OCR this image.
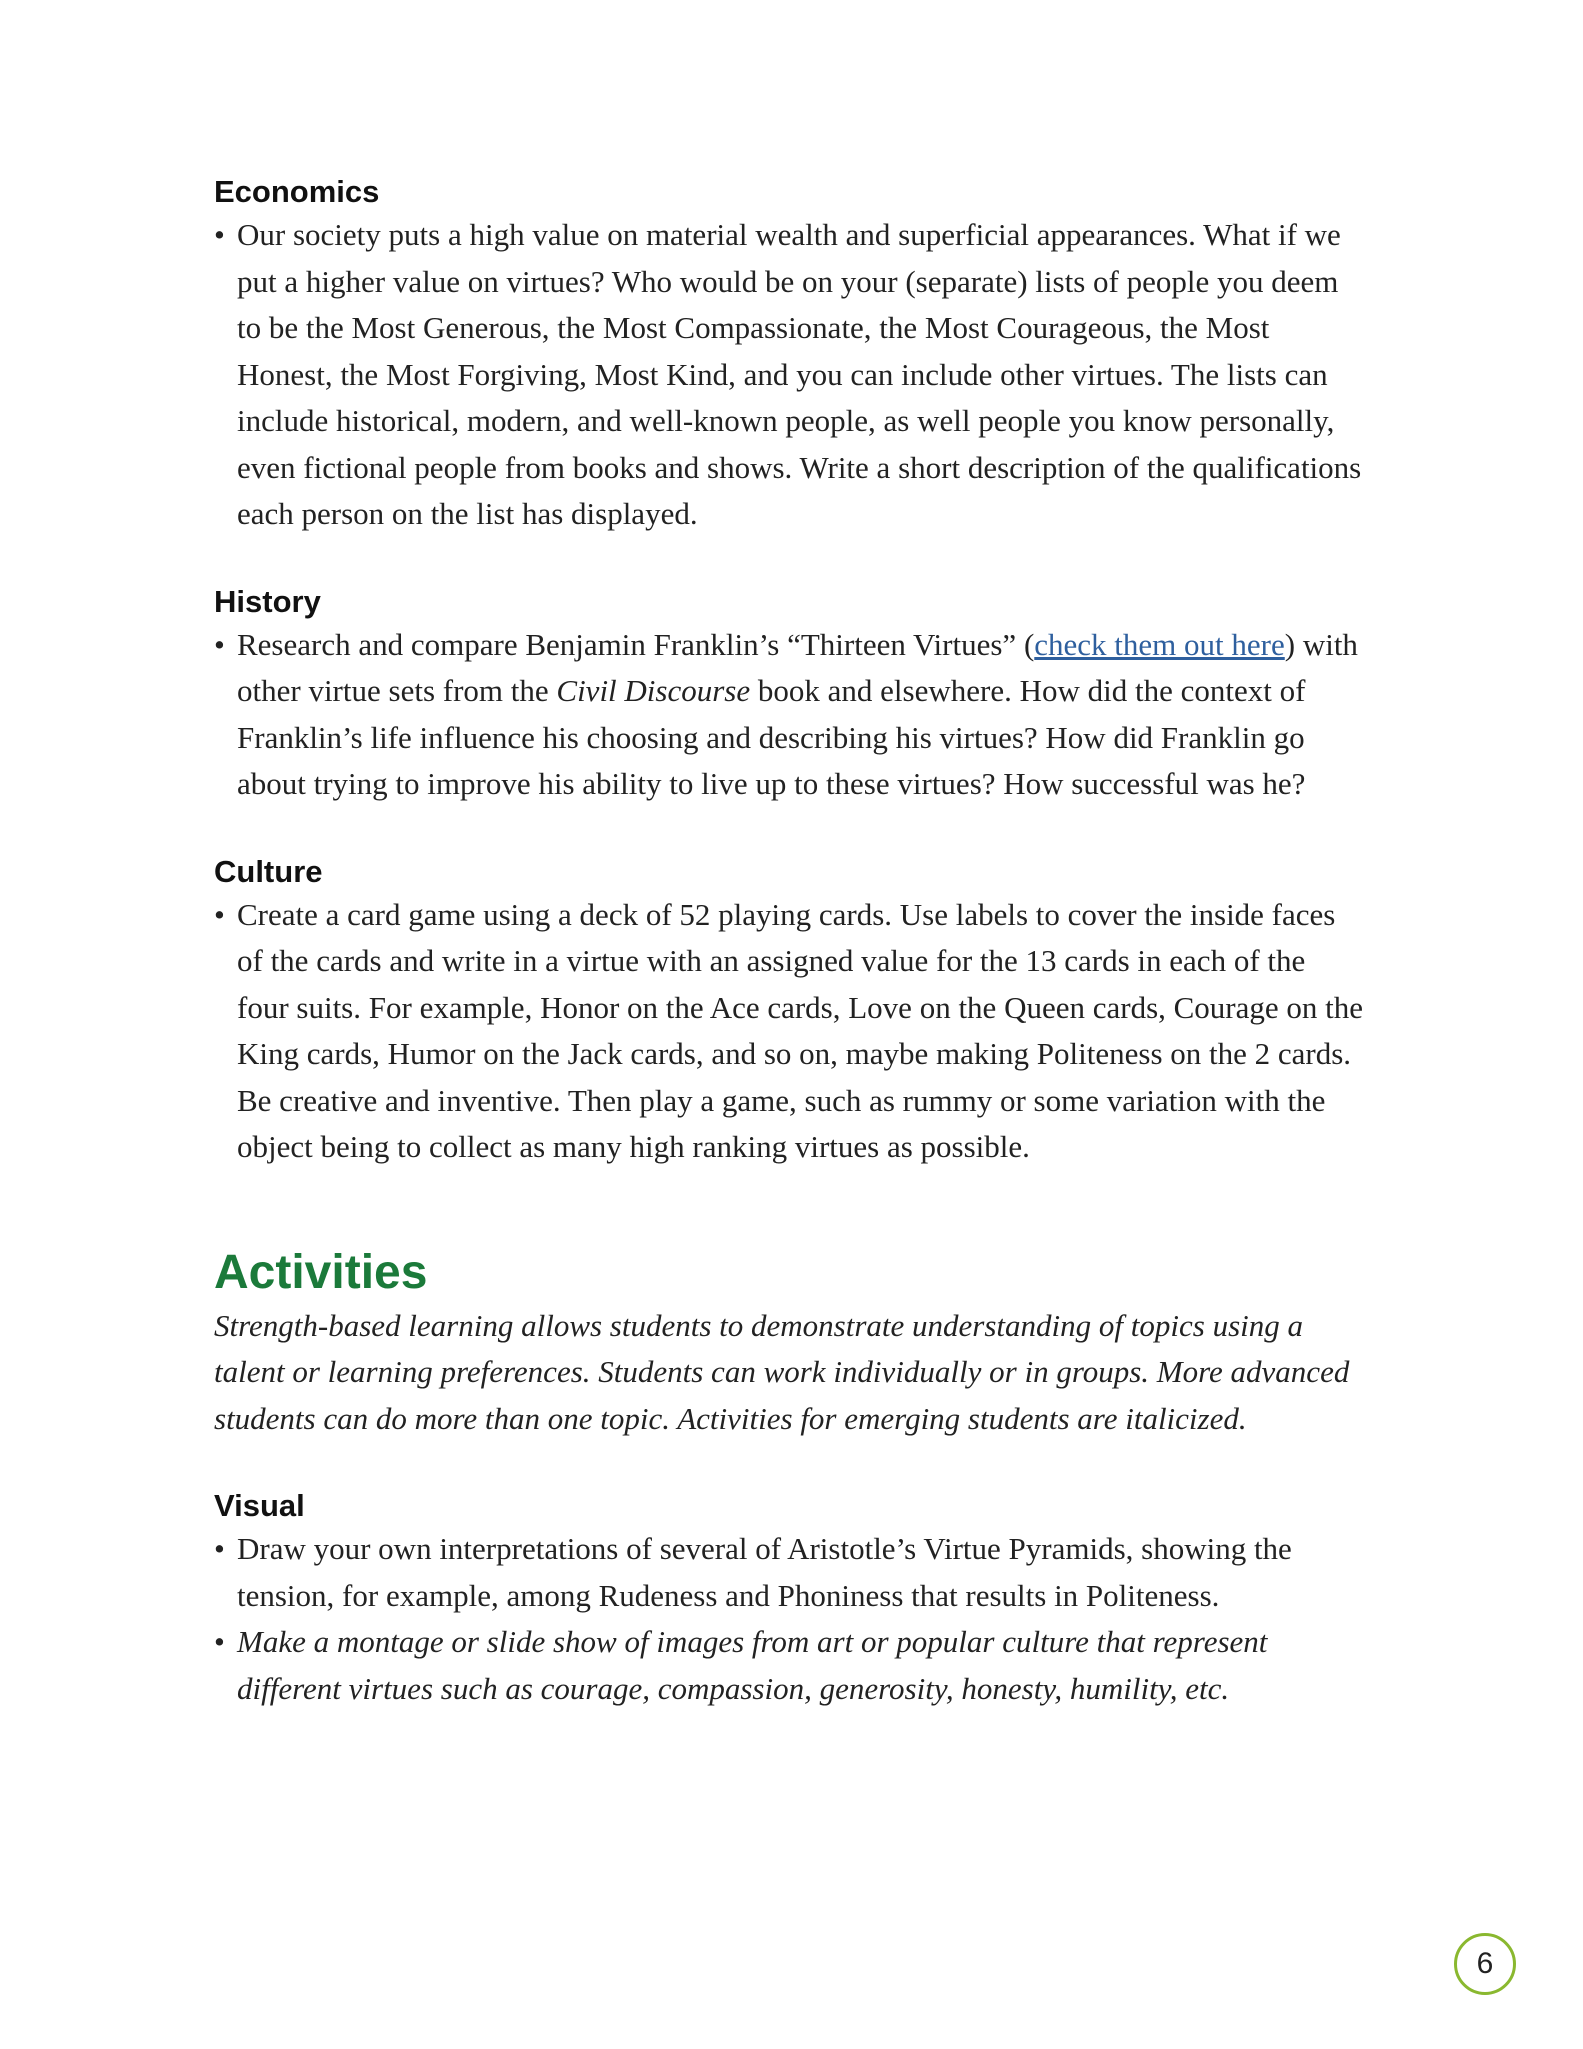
Economics
• Our society puts a high value on material wealth and superficial appearances. What if we put a higher value on virtues? Who would be on your (separate) lists of people you deem to be the Most Generous, the Most Compassionate, the Most Courageous, the Most Honest, the Most Forgiving, Most Kind, and you can include other virtues. The lists can include historical, modern, and well-known people, as well people you know personally, even fictional people from books and shows. Write a short description of the qualifications each person on the list has displayed.
History
• Research and compare Benjamin Franklin’s “Thirteen Virtues” (check them out here) with other virtue sets from the Civil Discourse book and elsewhere. How did the context of Franklin’s life influence his choosing and describing his virtues? How did Franklin go about trying to improve his ability to live up to these virtues? How successful was he?
Culture
• Create a card game using a deck of 52 playing cards. Use labels to cover the inside faces of the cards and write in a virtue with an assigned value for the 13 cards in each of the four suits. For example, Honor on the Ace cards, Love on the Queen cards, Courage on the King cards, Humor on the Jack cards, and so on, maybe making Politeness on the 2 cards. Be creative and inventive. Then play a game, such as rummy or some variation with the object being to collect as many high ranking virtues as possible.
Activities

Strength-based learning allows students to demonstrate understanding of topics using a talent or learning preferences. Students can work individually or in groups. More advanced students can do more than one topic. Activities for emerging students are italicized.

Visual
• Draw your own interpretations of several of Aristotle’s Virtue Pyramids, showing the tension, for example, among Rudeness and Phoniness that results in Politeness.
• Make a montage or slide show of images from art or popular culture that represent different virtues such as courage, compassion, generosity, honesty, humility, etc.
6
